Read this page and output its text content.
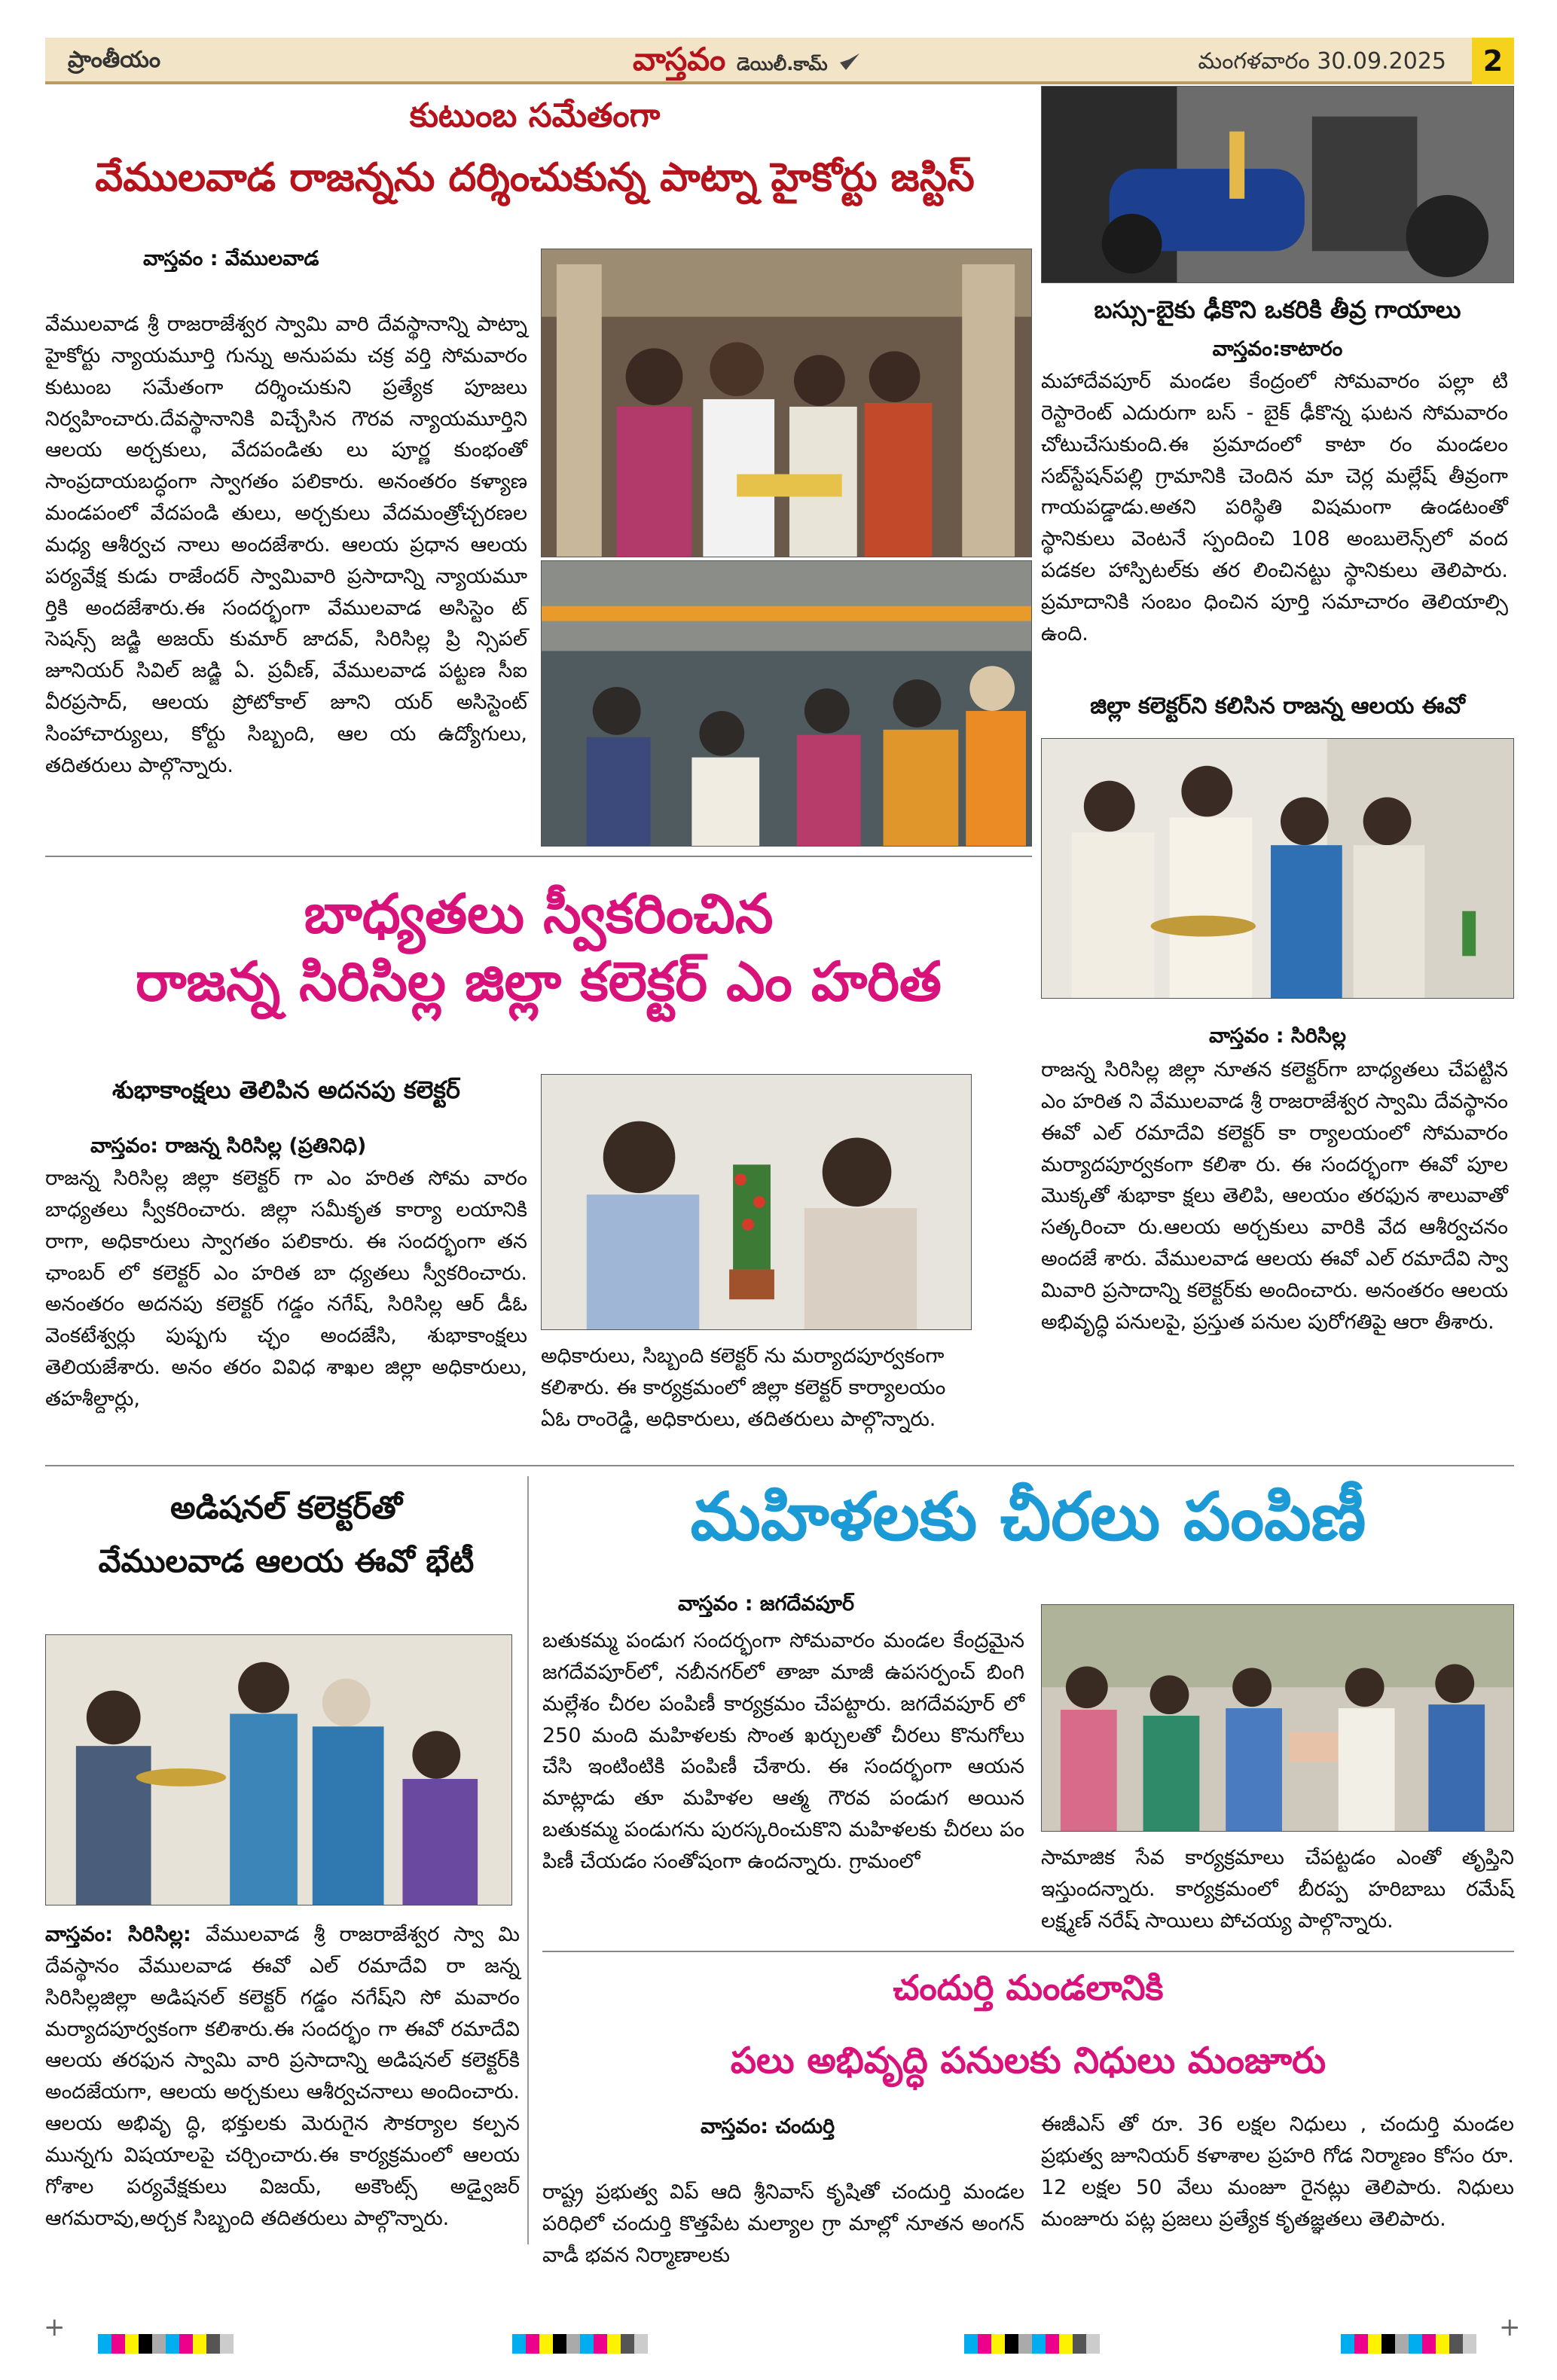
ప్రాంతీయం	వాస్తవం డెయిలీ.కామ్	మంగళవారం 30.09.2025	2
కుటుంబ సమేతంగా
వేములవాడ రాజన్నను దర్శించుకున్న పాట్నా హైకోర్టు జస్టిస్
వాస్తవం : వేములవాడ
వేములవాడ శ్రీ రాజరాజేశ్వర స్వామి వారి దేవస్థానాన్ని పాట్నా హైకోర్టు న్యాయమూర్తి గున్ను అనుపమ చక్ర వర్తి సోమవారం కుటుంబ సమేతంగా దర్శించుకుని ప్రత్యేక పూజలు నిర్వహించారు.దేవస్థానానికి విచ్చేసిన గౌరవ న్యాయమూర్తిని ఆలయ అర్చకులు, వేదపండితు లు పూర్ణ కుంభంతో సాంప్రదాయబద్ధంగా స్వాగతం పలికారు. అనంతరం కళ్యాణ మండపంలో వేదపండి తులు, అర్చకులు వేదమంత్రోచ్చరణల మధ్య ఆశీర్వచ నాలు అందజేశారు. ఆలయ ప్రధాన ఆలయ పర్యవేక్ష కుడు రాజేందర్ స్వామివారి ప్రసాదాన్ని న్యాయమూ ర్తికి అందజేశారు.ఈ సందర్భంగా వేములవాడ అసిస్టెం ట్ సెషన్స్ జడ్జి అజయ్ కుమార్ జాదవ్, సిరిసిల్ల ప్రి న్సిపల్ జూనియర్ సివిల్ జడ్జి ఏ. ప్రవీణ్, వేములవాడ పట్టణ సీఐ వీరప్రసాద్, ఆలయ ప్రోటోకాల్ జూని యర్ అసిస్టెంట్ సింహాచార్యులు, కోర్టు సిబ్బంది, ఆల య ఉద్యోగులు, తదితరులు పాల్గొన్నారు.
బస్సు-బైకు ఢీకొని ఒకరికి తీవ్ర గాయాలు
వాస్తవం:కాటారం
మహాదేవపూర్ మండల కేంద్రంలో సోమవారం పల్లా టి రెస్టారెంట్ ఎదురుగా బస్ - బైక్ ఢీకొన్న ఘటన సోమవారం చోటుచేసుకుంది.ఈ ప్రమాదంలో కాటా రం మండలం సబ్‌స్టేషన్‌పల్లి గ్రామానికి చెందిన మా చెర్ల మల్లేష్ తీవ్రంగా గాయపడ్డాడు.అతని పరిస్థితి విషమంగా ఉండటంతో స్థానికులు వెంటనే స్పందించి 108 అంబులెన్స్‌లో వంద పడకల హాస్పిటల్‌కు తర లించినట్టు స్థానికులు తెలిపారు. ప్రమాదానికి సంబం ధించిన పూర్తి సమాచారం తెలియాల్సి ఉంది.
జిల్లా కలెక్టర్‌ని కలిసిన రాజన్న ఆలయ ఈవో
వాస్తవం : సిరిసిల్ల
రాజన్న సిరిసిల్ల జిల్లా నూతన కలెక్టర్‌గా బాధ్యతలు చేపట్టిన ఎం హరిత ని వేములవాడ శ్రీ రాజరాజేశ్వర స్వామి దేవస్థానం ఈవో ఎల్ రమాదేవి కలెక్టర్ కా ర్యాలయంలో సోమవారం మర్యాదపూర్వకంగా కలిశా రు. ఈ సందర్భంగా ఈవో పూల మొక్కతో శుభాకా క్షలు తెలిపి, ఆలయం తరఫున శాలువాతో సత్కరించా రు.ఆలయ అర్చకులు వారికి వేద ఆశీర్వచనం అందజే శారు. వేములవాడ ఆలయ ఈవో ఎల్ రమాదేవి స్వా మివారి ప్రసాదాన్ని కలెక్టర్‌కు అందించారు. అనంతరం ఆలయ అభివృద్ధి పనులపై, ప్రస్తుత పనుల పురోగతిపై ఆరా తీశారు.
బాధ్యతలు స్వీకరించిన
రాజన్న సిరిసిల్ల జిల్లా కలెక్టర్ ఎం హరిత
శుభాకాంక్షలు తెలిపిన అదనపు కలెక్టర్
వాస్తవం: రాజన్న సిరిసిల్ల (ప్రతినిధి)
రాజన్న సిరిసిల్ల జిల్లా కలెక్టర్ గా ఎం హరిత సోమ వారం బాధ్యతలు స్వీకరించారు. జిల్లా సమీకృత కార్యా లయానికి రాగా, అధికారులు స్వాగతం పలికారు. ఈ సందర్భంగా తన ఛాంబర్ లో కలెక్టర్ ఎం హరిత బా ధ్యతలు స్వీకరించారు. అనంతరం అదనపు కలెక్టర్ గడ్డం నగేష్, సిరిసిల్ల ఆర్ డీఓ వెంకటేశ్వర్లు పుష్పగు చ్ఛం అందజేసి, శుభాకాంక్షలు తెలియజేశారు. అనం తరం వివిధ శాఖల జిల్లా అధికారులు, తహశీల్దార్లు,
అధికారులు, సిబ్బంది కలెక్టర్ ను మర్యాదపూర్వకంగా కలిశారు. ఈ కార్యక్రమంలో జిల్లా కలెక్టర్ కార్యాలయం ఏఓ రాంరెడ్డి, అధికారులు, తదితరులు పాల్గొన్నారు.
అడిషనల్ కలెక్టర్‌తో
వేములవాడ ఆలయ ఈవో భేటీ
వాస్తవం: సిరిసిల్ల: వేములవాడ శ్రీ రాజరాజేశ్వర స్వా మి దేవస్థానం వేములవాడ ఈవో ఎల్ రమాదేవి రా జన్న సిరిసిల్లజిల్లా అడిషనల్ కలెక్టర్ గడ్డం నగేష్‌ని సో మవారం మర్యాదపూర్వకంగా కలిశారు.ఈ సందర్భం గా ఈవో రమాదేవి ఆలయ తరఫున స్వామి వారి ప్రసాదాన్ని అడిషనల్ కలెక్టర్‌కి అందజేయగా, ఆలయ అర్చకులు ఆశీర్వచనాలు అందించారు. ఆలయ అభివృ ద్ధి, భక్తులకు మెరుగైన సౌకర్యాల కల్పన మున్నగు విషయాలపై చర్చించారు.ఈ కార్యక్రమంలో ఆలయ గోశాల పర్యవేక్షకులు విజయ్, అకౌంట్స్ అడ్వైజర్ ఆగమరావు,అర్చక సిబ్బంది తదితరులు పాల్గొన్నారు.
మహిళలకు చీరలు పంపిణీ
వాస్తవం : జగదేవపూర్
బతుకమ్మ పండుగ సందర్భంగా సోమవారం మండల కేంద్రమైన జగదేవపూర్‌లో, నబీనగర్‌లో తాజా మాజీ ఉపసర్పంచ్ బింగి మల్లేశం చీరల పంపిణీ కార్యక్రమం చేపట్టారు. జగదేవపూర్ లో 250 మంది మహిళలకు సొంత ఖర్చులతో చీరలు కొనుగోలు చేసి ఇంటింటికి పంపిణీ చేశారు. ఈ సందర్భంగా ఆయన మాట్లాడు తూ మహిళల ఆత్మ గౌరవ పండుగ అయిన బతుకమ్మ పండుగను పురస్కరించుకొని మహిళలకు చీరలు పం పిణీ చేయడం సంతోషంగా ఉందన్నారు. గ్రామంలో	సామాజిక సేవ కార్యక్రమాలు చేపట్టడం ఎంతో తృప్తిని ఇస్తుందన్నారు. కార్యక్రమంలో బీరప్ప హరిబాబు రమేష్ లక్ష్మణ్ నరేష్ సాయిలు పోచయ్య పాల్గొన్నారు.
చందుర్తి మండలానికి
పలు అభివృద్ధి పనులకు నిధులు మంజూరు
వాస్తవం: చందుర్తి
రాష్ట్ర ప్రభుత్వ విప్ ఆది శ్రీనివాస్ కృషితో చందుర్తి మండల పరిధిలో చందుర్తి కొత్తపేట మల్యాల గ్రా మాల్లో నూతన అంగన్ వాడీ భవన నిర్మాణాలకు
ఈజీఎస్ తో రూ. 36 లక్షల నిధులు , చందుర్తి మండల ప్రభుత్వ జూనియర్ కళాశాల ప్రహరి గోడ నిర్మాణం కోసం రూ. 12 లక్షల 50 వేలు మంజూ రైనట్లు తెలిపారు. నిధులు మంజూరు పట్ల ప్రజలు ప్రత్యేక కృతజ్ఞతలు తెలిపారు.
+	+
